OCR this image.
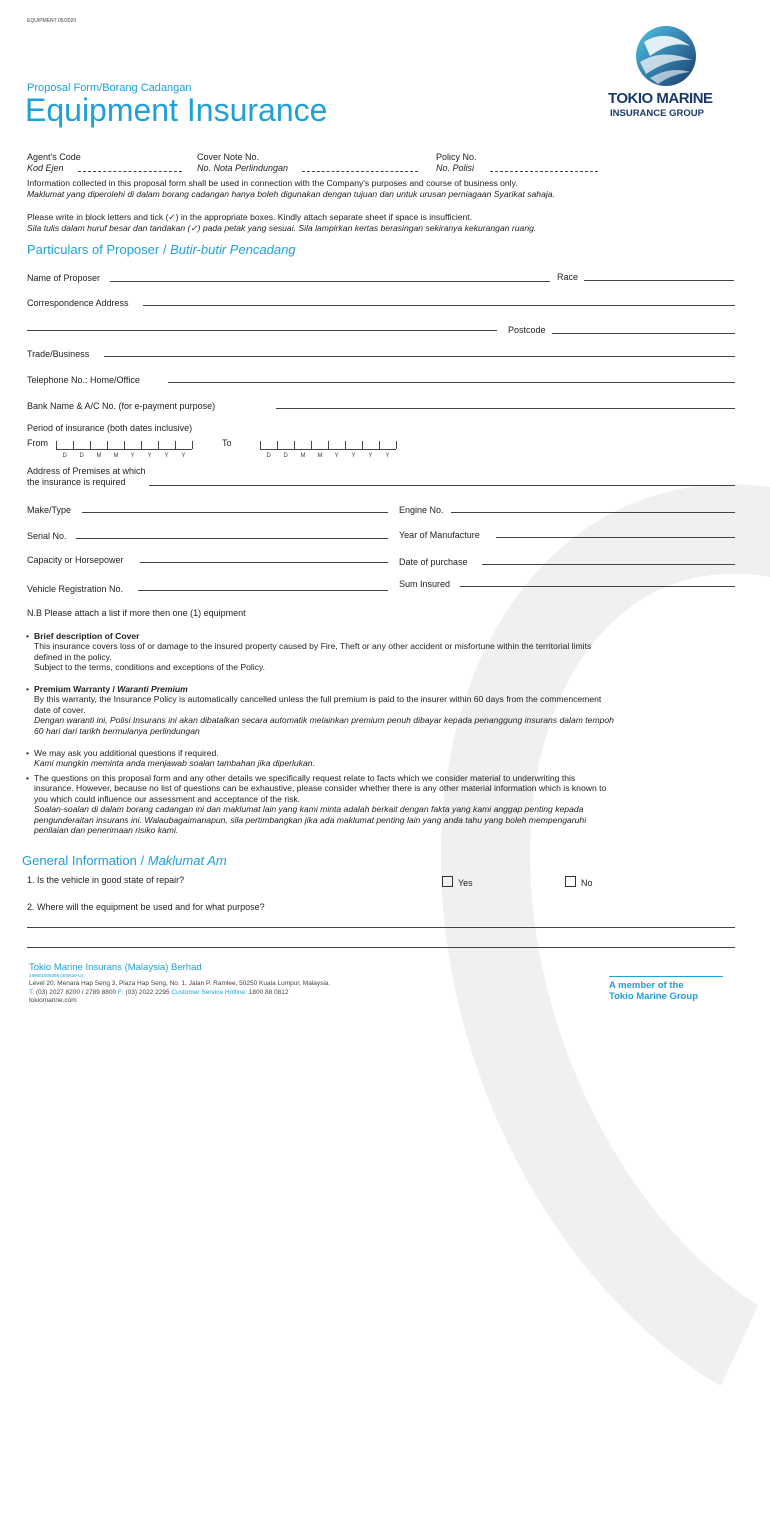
EQUIPMENT 05/2020
Proposal Form/Borang Cadangan
Equipment Insurance	TOKIO MARINE
INSURANCE GROUP
Agent's Code
Kod Ejen
Cover Note No.
No. Nota Perlindungan
Policy No.
No. Polisi
Information collected in this proposal form shall be used in connection with the Company's purposes and course of business only.
Maklumat yang diperolehi di dalam borang cadangan hanya boleh digunakan dengan tujuan dan untuk urusan perniagaan Syarikat sahaja.
Please write in block letters and tick (✓) in the appropriate boxes. Kindly attach separate sheet if space is insufficient.
Sila tulis dalam huruf besar dan tandakan (✓) pada petak yang sesuai. Sila lampirkan kertas berasingan sekiranya kekurangan ruang.
Particulars of Proposer / Butir-butir Pencadang
Name of Proposer	Race
Correspondence Address
Postcode
Trade/Business
Telephone No.: Home/Office
Bank Name & A/C No. (for e-payment purpose)
Period of insurance (both dates inclusive)
From	To
Address of Premises at which
the insurance is required
Make/Type	Engine No.
Serial No.	Year of Manufacture
Capacity or Horsepower	Date of purchase
Sum Insured
Vehicle Registration No.
N.B Please attach a list if more then one (1) equipment
• Brief description of Cover
This insurance covers loss of or damage to the insured property caused by Fire, Theft or any other accident or misfortune within the territorial limits
defined in the policy.
Subject to the terms, conditions and exceptions of the Policy.
• Premium Warranty / Waranti Premium
By this warranty, the Insurance Policy is automatically cancelled unless the full premium is paid to the insurer within 60 days from the commencement
date of cover.
Dengan waranti ini, Polisi Insurans ini akan dibatalkan secara automatik melainkan premium penuh dibayar kepada penanggung insurans dalam tempoh
60 hari dari tarikh bermulanya perlindungan
• We may ask you additional questions if required.
Kami mungkin meminta anda menjawab soalan tambahan jika diperlukan.
• The questions on this proposal form and any other details we specifically request relate to facts which we consider material to underwriting this
insurance. However, because no list of questions can be exhaustive, please consider whether there is any other material information which is known to
you which could influence our assessment and acceptance of the risk.
Soalan-soalan di dalam borang cadangan ini dan maklumat lain yang kami minta adalah berkait dengan fakta yang kami anggap penting kepada
pengunderaitan insurans ini. Walaubagaimanapun, sila pertimbangkan jika ada maklumat penting lain yang anda tahu yang boleh mempengaruhi
penilaian dan penerimaan risiko kami.
General Information / Maklumat Am
1. Is the vehicle in good state of repair?	Yes	No
2. Where will the equipment be used and for what purpose?
Tokio Marine Insurans (Malaysia) Berhad
199601005089 (380530-U)
Level 20, Menara Hap Seng 3, Plaza Hap Seng, No. 1, Jalan P. Ramlee, 50250 Kuala Lumpur, Malaysia.
T: (03) 2027 8200 / 2789 8800 F: (03) 2022 2295 Customer Service Hotline: 1800 88 0812
tokiomarine.com
A member of the
Tokio Marine Group
D D M M Y Y Y Y	D D M M Y Y Y Y
